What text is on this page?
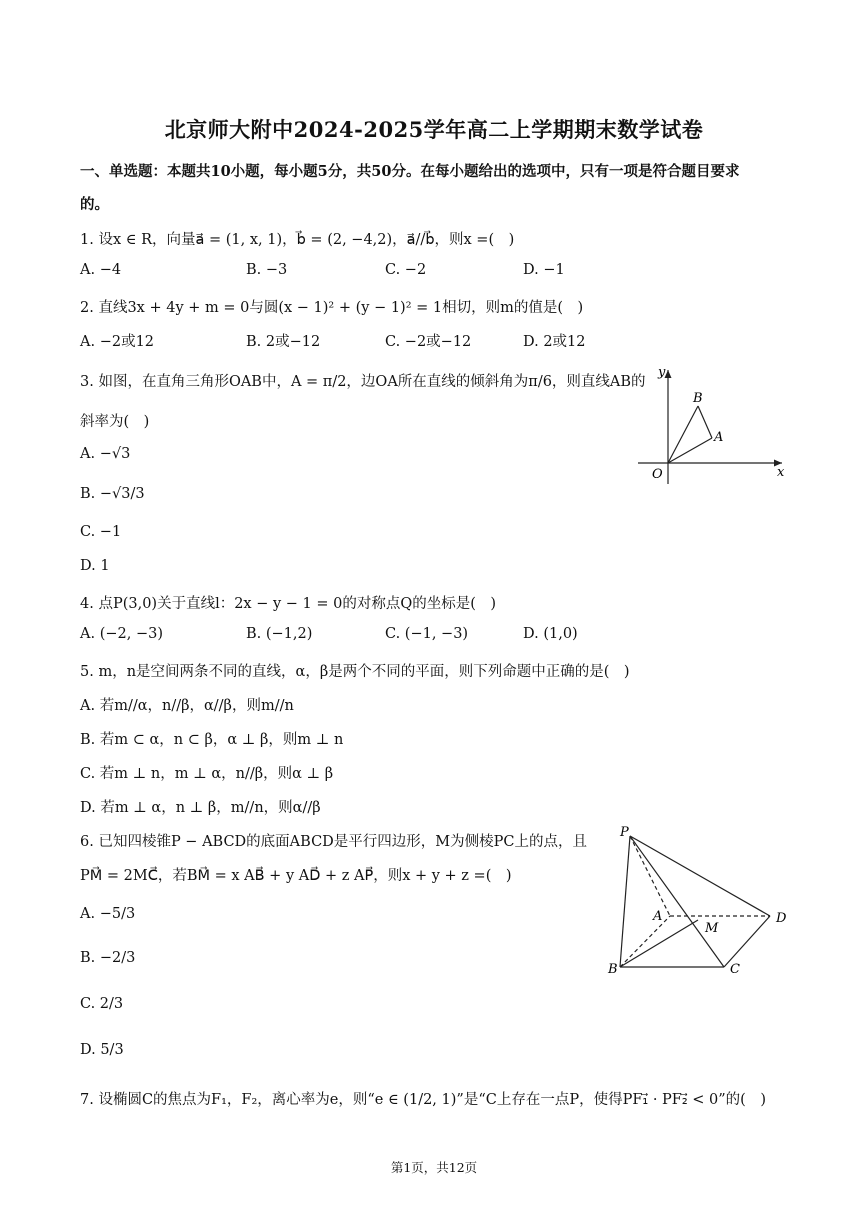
北京师大附中2024-2025学年高二上学期期末数学试卷
一、单选题：本题共10小题，每小题5分，共50分。在每小题给出的选项中，只有一项是符合题目要求
的。
1. 设x ∈ R，向量a⃗ = (1, x, 1)，b⃗ = (2, −4,2)，a⃗//b⃗，则x =(　)
A. −4	B. −3	C. −2	D. −1
2. 直线3x + 4y + m = 0与圆(x − 1)² + (y − 1)² = 1相切，则m的值是(　)
A. −2或12	B. 2或−12	C. −2或−12	D. 2或12
3. 如图，在直角三角形OAB中，A = π/2，边OA所在直线的倾斜角为π/6，则直线AB的
斜率为(　)
A. −√3
B. −√3/3
C. −1
D. 1
y
x
O
A
B
4. 点P(3,0)关于直线l：2x − y − 1 = 0的对称点Q的坐标是(　)
A. (−2, −3)	B. (−1,2)	C. (−1, −3)	D. (1,0)
5. m，n是空间两条不同的直线，α，β是两个不同的平面，则下列命题中正确的是(　)
A. 若m//α，n//β，α//β，则m//n
B. 若m ⊂ α，n ⊂ β，α ⊥ β，则m ⊥ n
C. 若m ⊥ n，m ⊥ α，n//β，则α ⊥ β
D. 若m ⊥ α，n ⊥ β，m//n，则α//β
6. 已知四棱锥P − ABCD的底面ABCD是平行四边形，M为侧棱PC上的点，且
PM⃗ = 2MC⃗，若BM⃗ = x AB⃗ + y AD⃗ + z AP⃗，则x + y + z =(　)
A. −5/3
B. −2/3
C. 2/3
D. 5/3
P
A
M
D
B	C
7. 设椭圆C的焦点为F₁，F₂，离心率为e，则“e ∈ (1/2, 1)”是“C上存在一点P，使得PF₁⃗ · PF₂⃗ < 0”的(　)
第1页，共12页
